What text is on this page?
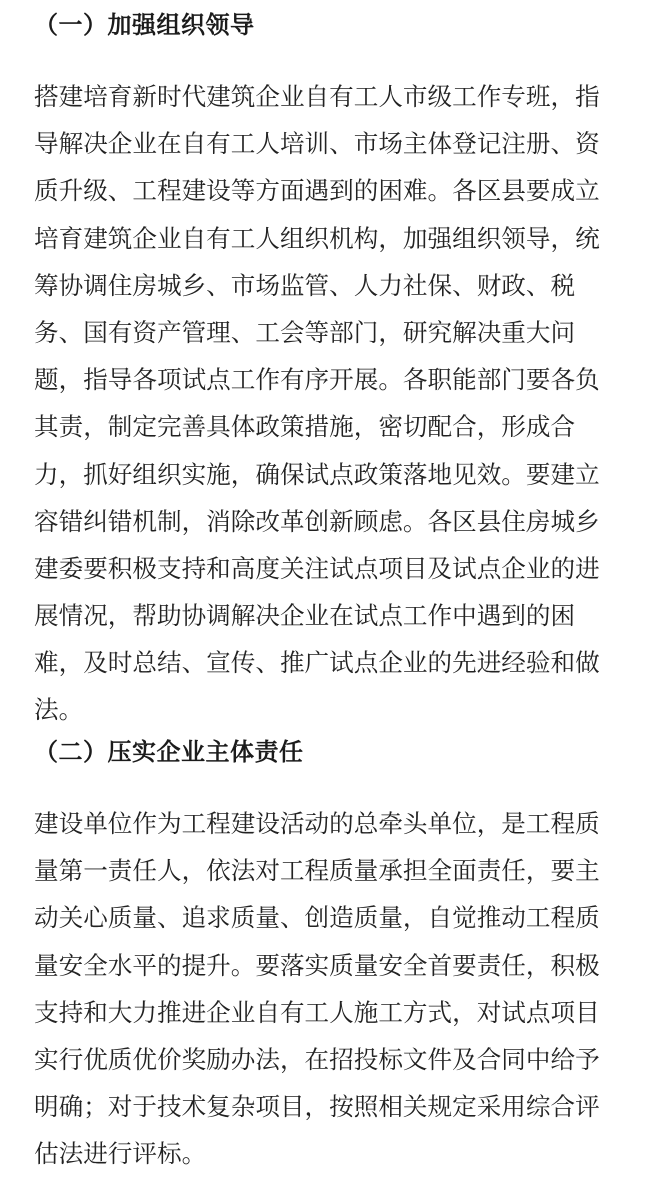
（一）加强组织领导
搭建培育新时代建筑企业自有工人市级工作专班，指
导解决企业在自有工人培训、市场主体登记注册、资
质升级、工程建设等方面遇到的困难。各区县要成立
培育建筑企业自有工人组织机构，加强组织领导，统
筹协调住房城乡、市场监管、人力社保、财政、税
务、国有资产管理、工会等部门，研究解决重大问
题，指导各项试点工作有序开展。各职能部门要各负
其责，制定完善具体政策措施，密切配合，形成合
力，抓好组织实施，确保试点政策落地见效。要建立
容错纠错机制，消除改革创新顾虑。各区县住房城乡
建委要积极支持和高度关注试点项目及试点企业的进
展情况，帮助协调解决企业在试点工作中遇到的困
难，及时总结、宣传、推广试点企业的先进经验和做
法。
（二）压实企业主体责任
建设单位作为工程建设活动的总牵头单位，是工程质
量第一责任人，依法对工程质量承担全面责任，要主
动关心质量、追求质量、创造质量，自觉推动工程质
量安全水平的提升。要落实质量安全首要责任，积极
支持和大力推进企业自有工人施工方式，对试点项目
实行优质优价奖励办法，在招投标文件及合同中给予
明确；对于技术复杂项目，按照相关规定采用综合评
估法进行评标。
